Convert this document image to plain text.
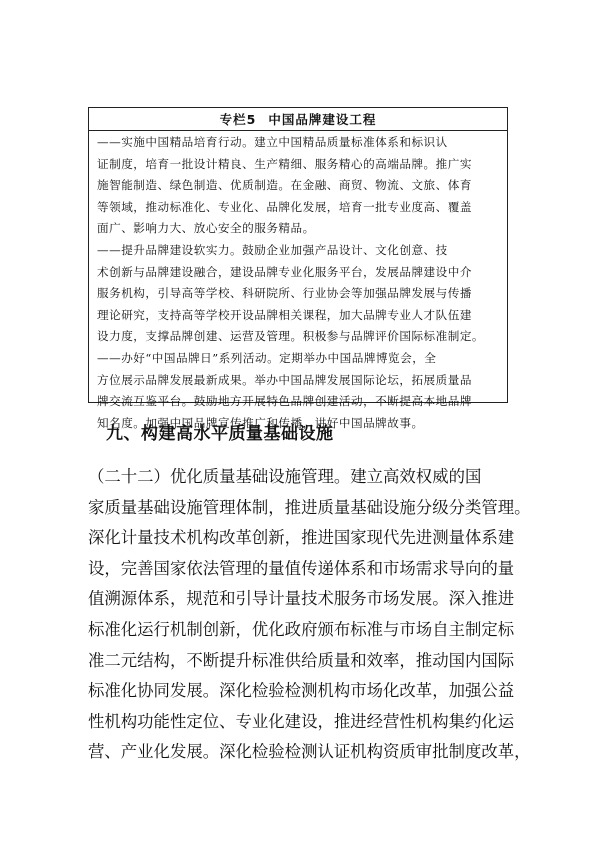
专栏5 中国品牌建设工程

——实施中国精品培育行动。建立中国精品质量标准体系和标识认
证制度，培育一批设计精良、生产精细、服务精心的高端品牌。推广实
施智能制造、绿色制造、优质制造。在金融、商贸、物流、文旅、体育
等领域，推动标准化、专业化、品牌化发展，培育一批专业度高、覆盖
面广、影响力大、放心安全的服务精品。

——提升品牌建设软实力。鼓励企业加强产品设计、文化创意、技
术创新与品牌建设融合，建设品牌专业化服务平台，发展品牌建设中介
服务机构，引导高等学校、科研院所、行业协会等加强品牌发展与传播
理论研究，支持高等学校开设品牌相关课程，加大品牌专业人才队伍建
设力度，支撑品牌创建、运营及管理。积极参与品牌评价国际标准制定。

——办好“中国品牌日”系列活动。定期举办中国品牌博览会，全
方位展示品牌发展最新成果。举办中国品牌发展国际论坛，拓展质量品
牌交流互鉴平台。鼓励地方开展特色品牌创建活动，不断提高本地品牌
知名度。加强中国品牌宣传推广和传播，讲好中国品牌故事。

九、构建高水平质量基础设施

（二十二）优化质量基础设施管理。建立高效权威的国
家质量基础设施管理体制，推进质量基础设施分级分类管理。
深化计量技术机构改革创新，推进国家现代先进测量体系建
设，完善国家依法管理的量值传递体系和市场需求导向的量
值溯源体系，规范和引导计量技术服务市场发展。深入推进
标准化运行机制创新，优化政府颁布标准与市场自主制定标
准二元结构，不断提升标准供给质量和效率，推动国内国际
标准化协同发展。深化检验检测机构市场化改革，加强公益
性机构功能性定位、专业化建设，推进经营性机构集约化运
营、产业化发展。深化检验检测认证机构资质审批制度改革，
